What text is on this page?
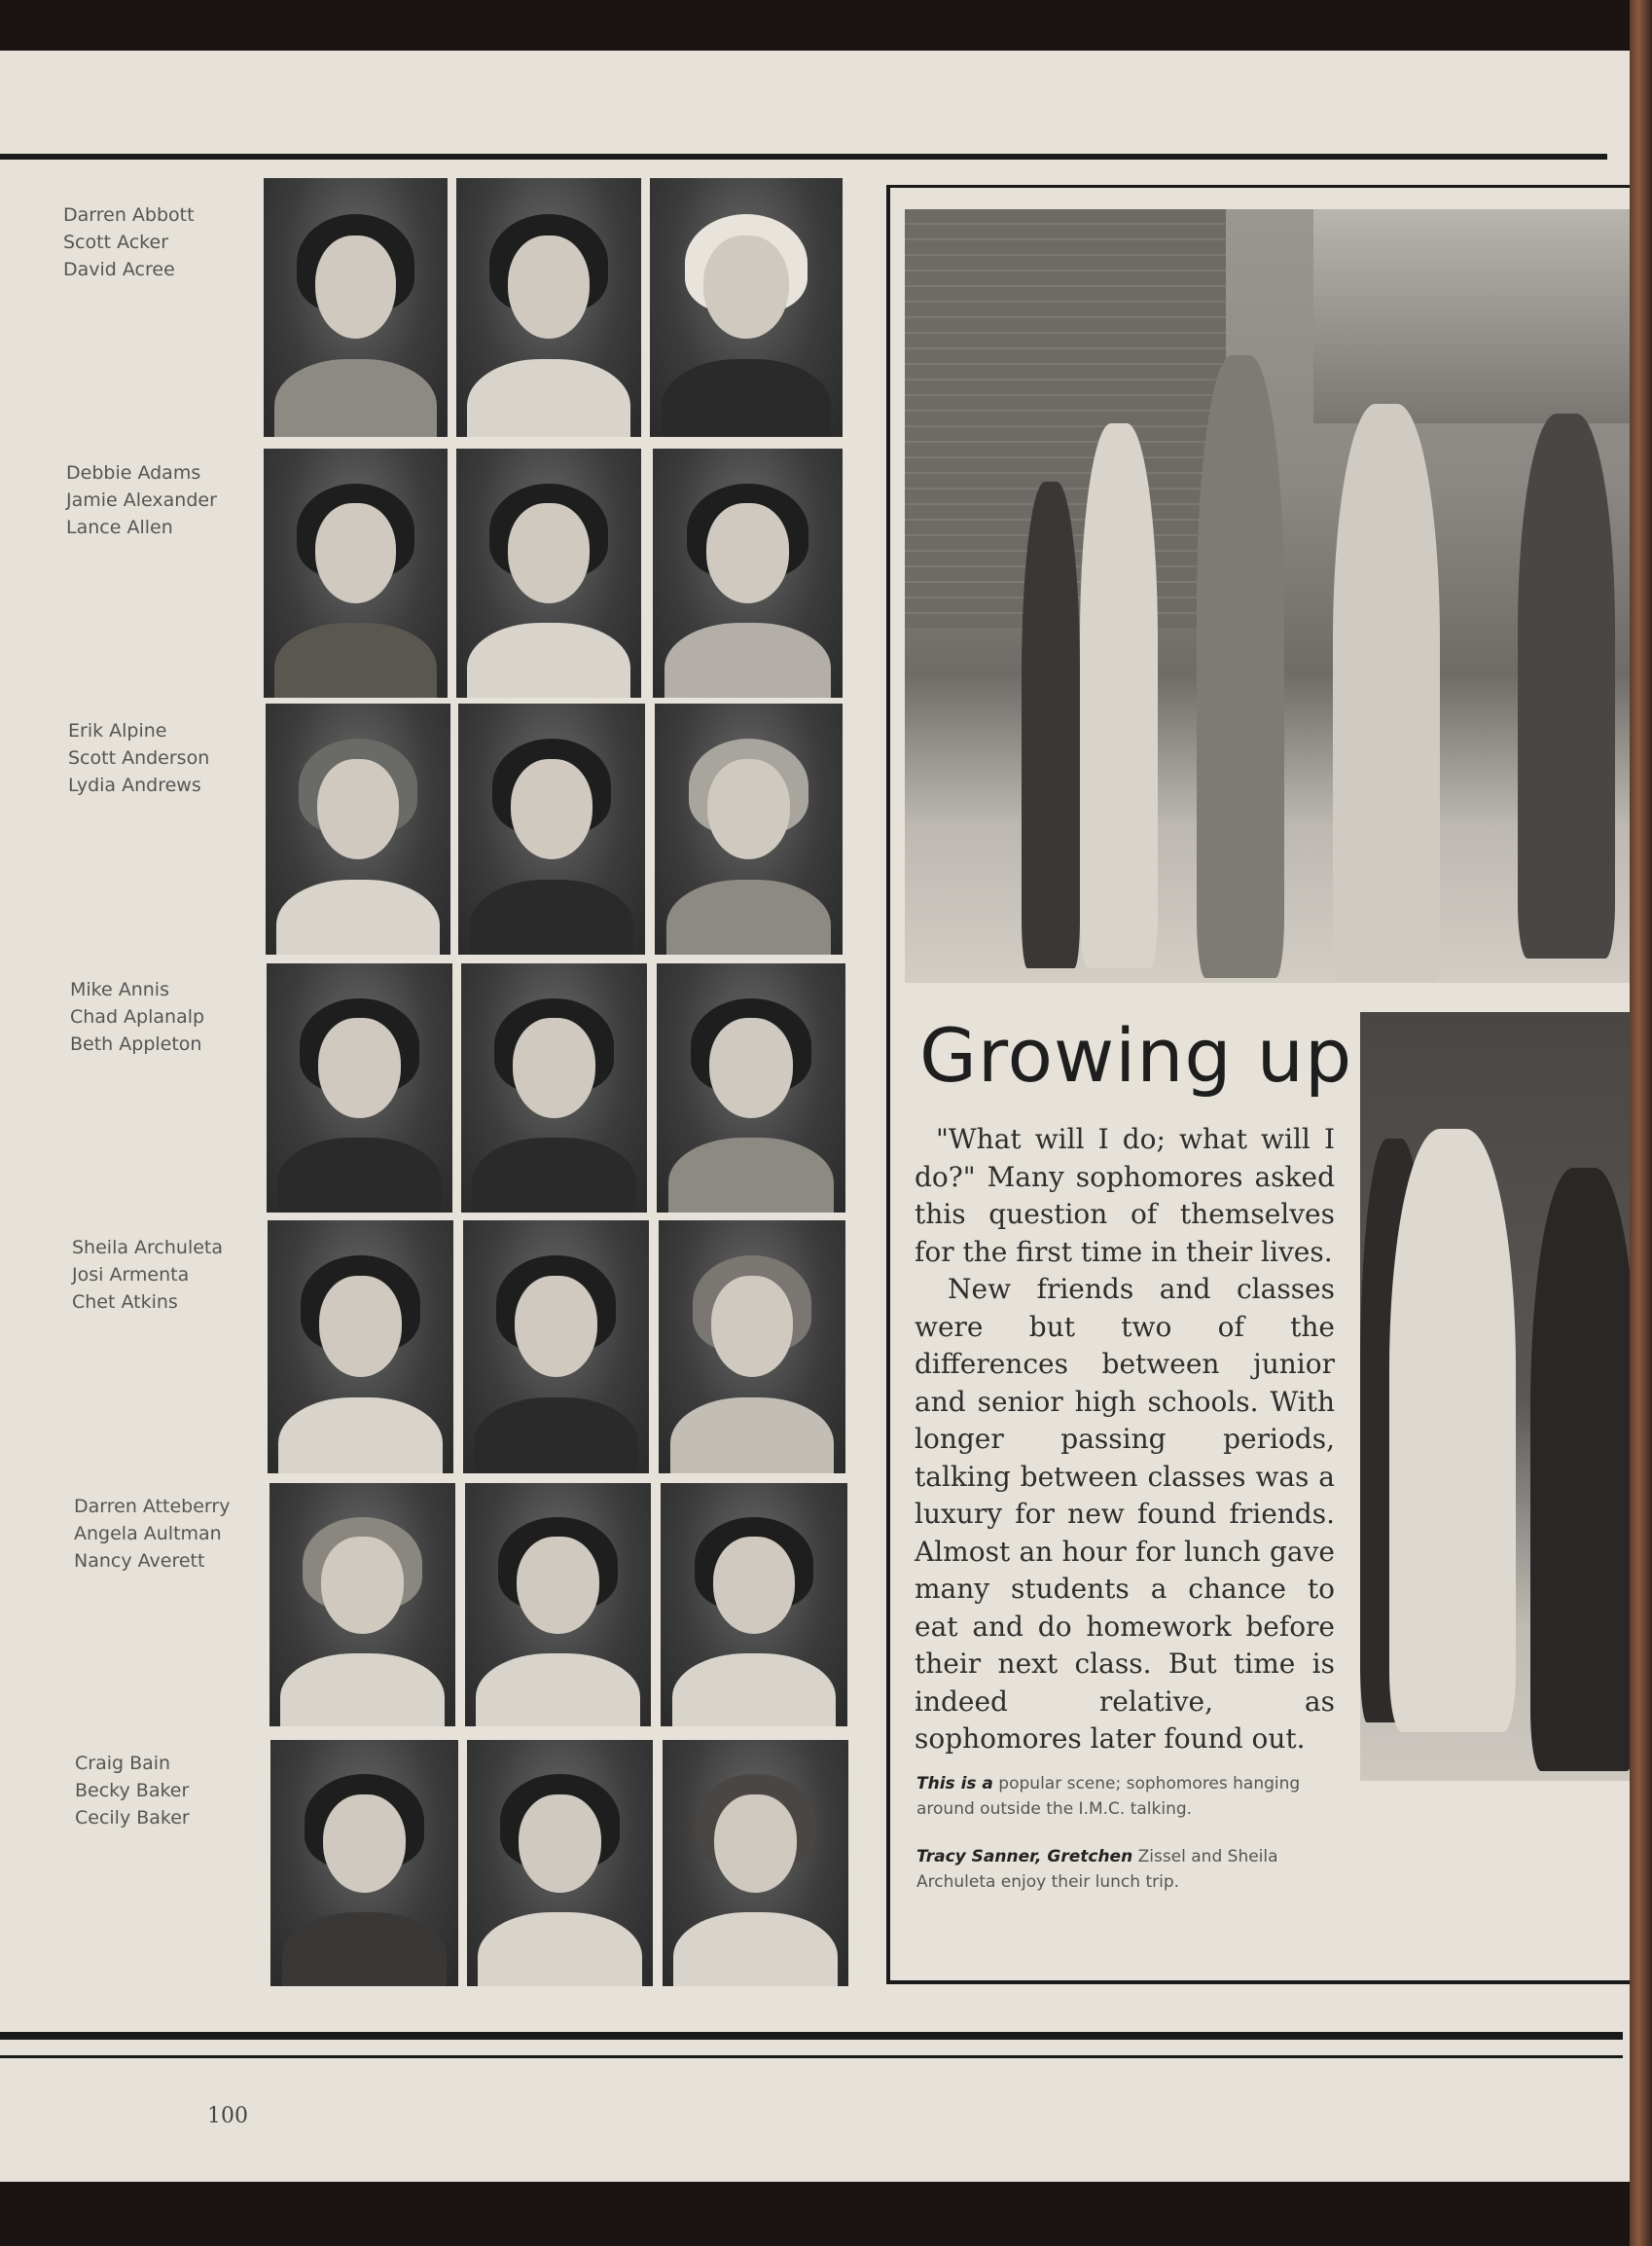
Darren Abbott
Scott Acker
David Acree
Debbie Adams
Jamie Alexander
Lance Allen
Erik Alpine
Scott Anderson
Lydia Andrews
Mike Annis
Chad Aplanalp
Beth Appleton
Sheila Archuleta
Josi Armenta
Chet Atkins
Darren Atteberry
Angela Aultman
Nancy Averett
Craig Bain
Becky Baker
Cecily Baker
Growing up

"What will I do; what will I do?" Many sophomores asked this question of themselves for the first time in their lives.

New friends and classes were but two of the differences between junior and senior high schools. With longer passing periods, talking between classes was a luxury for new found friends. Almost an hour for lunch gave many students a chance to eat and do homework before their next class. But time is indeed relative, as sophomores later found out.

This is a popular scene; sophomores hanging around outside the I.M.C. talking.

Tracy Sanner, Gretchen Zissel and Sheila Archuleta enjoy their lunch trip.

100
